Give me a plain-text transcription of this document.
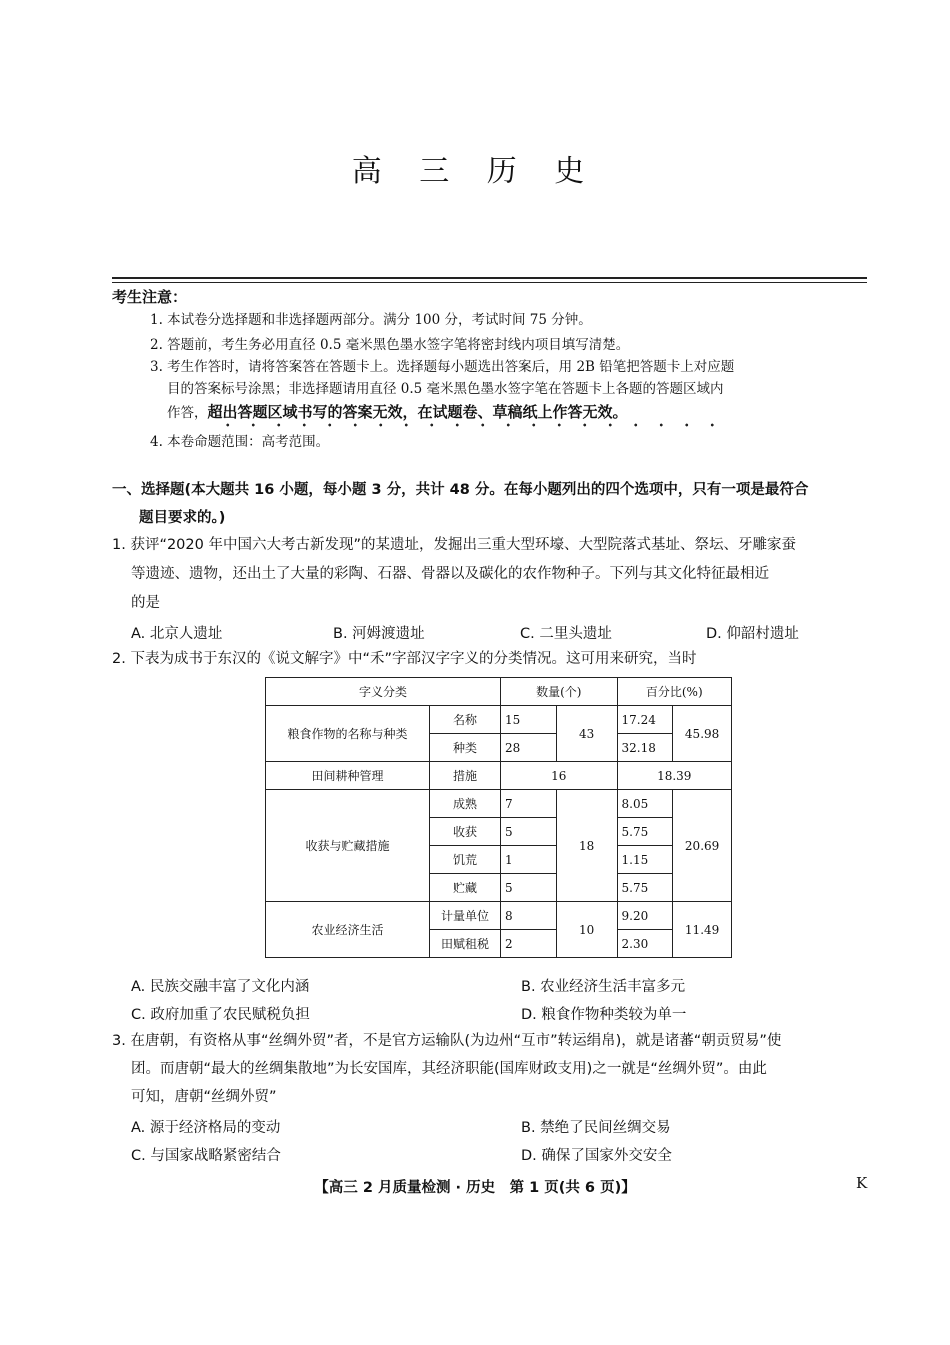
高 三 历 史
考生注意：
1. 本试卷分选择题和非选择题两部分。满分 100 分，考试时间 75 分钟。
2. 答题前，考生务必用直径 0.5 毫米黑色墨水签字笔将密封线内项目填写清楚。
3. 考生作答时，请将答案答在答题卡上。选择题每小题选出答案后，用 2B 铅笔把答题卡上对应题
目的答案标号涂黑；非选择题请用直径 0.5 毫米黑色墨水签字笔在答题卡上各题的答题区域内
作答，超出答题区域书写的答案无效，在试题卷、草稿纸上作答无效。
4. 本卷命题范围：高考范围。
一、选择题(本大题共 16 小题，每小题 3 分，共计 48 分。在每小题列出的四个选项中，只有一项是最符合
题目要求的。)
1. 获评“2020 年中国六大考古新发现”的某遗址，发掘出三重大型环壕、大型院落式基址、祭坛、牙雕家蚕
等遗迹、遗物，还出土了大量的彩陶、石器、骨器以及碳化的农作物种子。下列与其文化特征最相近
的是
A. 北京人遗址	B. 河姆渡遗址	C. 二里头遗址	D. 仰韶村遗址
2. 下表为成书于东汉的《说文解字》中“禾”字部汉字字义的分类情况。这可用来研究，当时
字义分类		数量(个)		百分比(%)	
粮食作物的名称与种类	名称	15	43	17.24	45.98
	种类	28		32.18	
田间耕种管理	措施	16		18.39	
收获与贮藏措施	成熟	7	18	8.05	20.69
	收获	5		5.75	
	饥荒	1		1.15	
	贮藏	5		5.75	
农业经济生活	计量单位	8	10	9.20	11.49
	田赋租税	2		2.30	
A. 民族交融丰富了文化内涵	B. 农业经济生活丰富多元
C. 政府加重了农民赋税负担	D. 粮食作物种类较为单一
3. 在唐朝，有资格从事“丝绸外贸”者，不是官方运输队(为边州“互市”转运绢帛)，就是诸蕃“朝贡贸易”使
团。而唐朝“最大的丝绸集散地”为长安国库，其经济职能(国库财政支用)之一就是“丝绸外贸”。由此
可知，唐朝“丝绸外贸”
A. 源于经济格局的变动	B. 禁绝了民间丝绸交易
C. 与国家战略紧密结合	D. 确保了国家外交安全
【高三 2 月质量检测 · 历史　第 1 页(共 6 页)】	K
